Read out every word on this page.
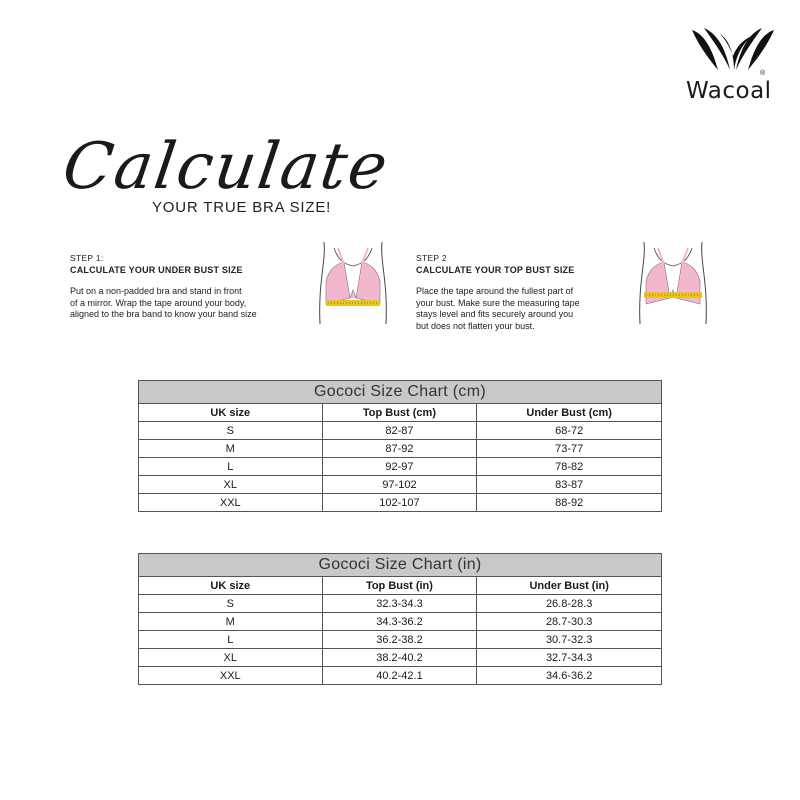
Wacoal
®
Calculate
YOUR TRUE BRA SIZE!
STEP 1:
CALCULATE YOUR UNDER BUST SIZE
Put on a non-padded bra and stand in front
of a mirror. Wrap the tape around your body,
aligned to the bra band to know your band size
STEP 2
CALCULATE YOUR TOP BUST SIZE
Place the tape around the fullest part of
your bust. Make sure the measuring tape
stays level and fits securely around you
but does not flatten your bust.
Gococi Size Chart (cm)		
UK size	Top Bust (cm)	Under Bust (cm)
S	82-87	68-72
M	87-92	73-77
L	92-97	78-82
XL	97-102	83-87
XXL	102-107	88-92
Gococi Size Chart (in)		
UK size	Top Bust (in)	Under Bust (in)
S	32.3-34.3	26.8-28.3
M	34.3-36.2	28.7-30.3
L	36.2-38.2	30.7-32.3
XL	38.2-40.2	32.7-34.3
XXL	40.2-42.1	34.6-36.2
